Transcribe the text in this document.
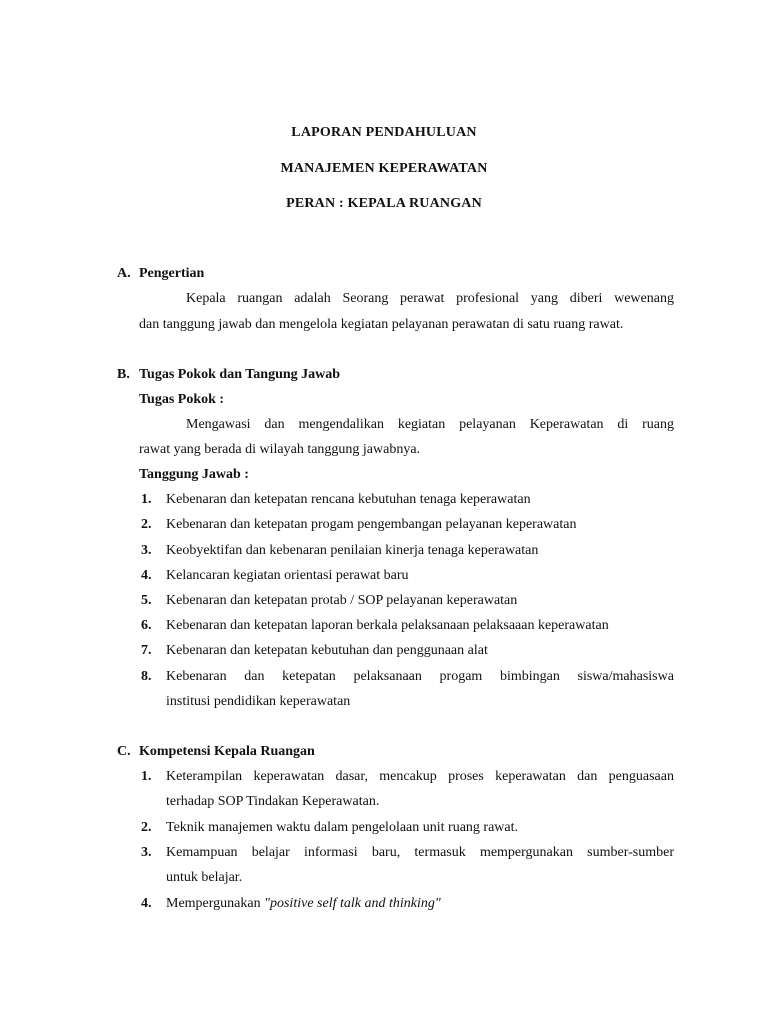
LAPORAN PENDAHULUAN
MANAJEMEN KEPERAWATAN
PERAN : KEPALA RUANGAN
A. Pengertian
Kepala ruangan adalah Seorang perawat profesional yang diberi wewenang
dan tanggung jawab dan mengelola kegiatan pelayanan perawatan di satu ruang rawat.
B. Tugas Pokok dan Tangung Jawab
Tugas Pokok :
Mengawasi dan mengendalikan kegiatan pelayanan Keperawatan di ruang
rawat yang berada di wilayah tanggung jawabnya.
Tanggung Jawab :
1. Kebenaran dan ketepatan rencana kebutuhan tenaga keperawatan
2. Kebenaran dan ketepatan progam pengembangan pelayanan keperawatan
3. Keobyektifan dan kebenaran penilaian kinerja tenaga keperawatan
4. Kelancaran kegiatan orientasi perawat baru
5. Kebenaran dan ketepatan protab / SOP pelayanan keperawatan
6. Kebenaran dan ketepatan laporan berkala pelaksanaan pelaksaaan keperawatan
7. Kebenaran dan ketepatan kebutuhan dan penggunaan alat
8. Kebenaran dan ketepatan pelaksanaan progam bimbingan siswa/mahasiswa
institusi pendidikan keperawatan
C. Kompetensi Kepala Ruangan
1. Keterampilan keperawatan dasar, mencakup proses keperawatan dan penguasaan
terhadap SOP Tindakan Keperawatan.
2. Teknik manajemen waktu dalam pengelolaan unit ruang rawat.
3. Kemampuan belajar informasi baru, termasuk mempergunakan sumber-sumber
untuk belajar.
4. Mempergunakan "positive self talk and thinking"
